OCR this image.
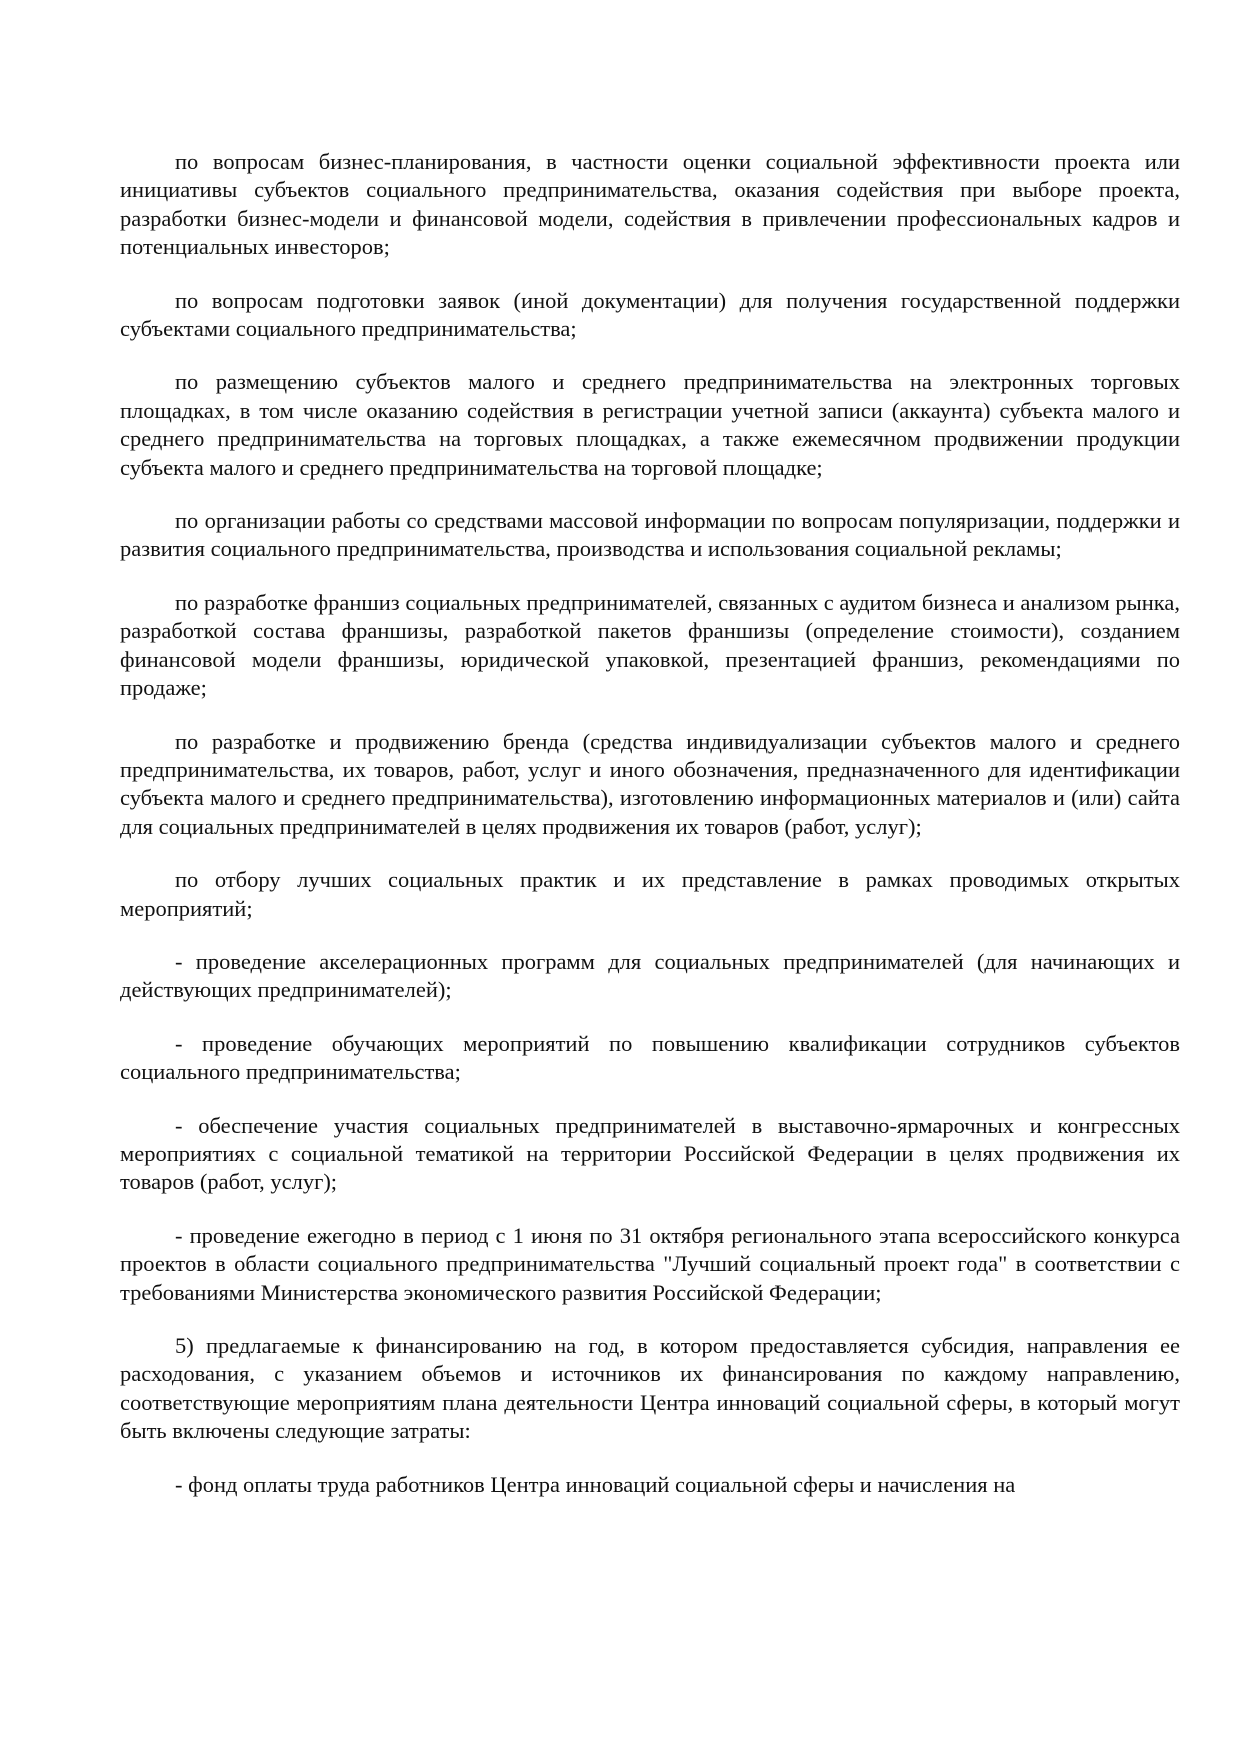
по вопросам бизнес-планирования, в частности оценки социальной эффективности проекта или инициативы субъектов социального предпринимательства, оказания содействия при выборе проекта, разработки бизнес-модели и финансовой модели, содействия в привлечении профессиональных кадров и потенциальных инвесторов;

по вопросам подготовки заявок (иной документации) для получения государственной поддержки субъектами социального предпринимательства;

по размещению субъектов малого и среднего предпринимательства на электронных торговых площадках, в том числе оказанию содействия в регистрации учетной записи (аккаунта) субъекта малого и среднего предпринимательства на торговых площадках, а также ежемесячном продвижении продукции субъекта малого и среднего предпринимательства на торговой площадке;

по организации работы со средствами массовой информации по вопросам популяризации, поддержки и развития социального предпринимательства, производства и использования социальной рекламы;

по разработке франшиз социальных предпринимателей, связанных с аудитом бизнеса и анализом рынка, разработкой состава франшизы, разработкой пакетов франшизы (определение стоимости), созданием финансовой модели франшизы, юридической упаковкой, презентацией франшиз, рекомендациями по продаже;

по разработке и продвижению бренда (средства индивидуализации субъектов малого и среднего предпринимательства, их товаров, работ, услуг и иного обозначения, предназначенного для идентификации субъекта малого и среднего предпринимательства), изготовлению информационных материалов и (или) сайта для социальных предпринимателей в целях продвижения их товаров (работ, услуг);

по отбору лучших социальных практик и их представление в рамках проводимых открытых мероприятий;

- проведение акселерационных программ для социальных предпринимателей (для начинающих и действующих предпринимателей);

- проведение обучающих мероприятий по повышению квалификации сотрудников субъектов социального предпринимательства;

- обеспечение участия социальных предпринимателей в выставочно-ярмарочных и конгрессных мероприятиях с социальной тематикой на территории Российской Федерации в целях продвижения их товаров (работ, услуг);

- проведение ежегодно в период с 1 июня по 31 октября регионального этапа всероссийского конкурса проектов в области социального предпринимательства "Лучший социальный проект года" в соответствии с требованиями Министерства экономического развития Российской Федерации;

5) предлагаемые к финансированию на год, в котором предоставляется субсидия, направления ее расходования, с указанием объемов и источников их финансирования по каждому направлению, соответствующие мероприятиям плана деятельности Центра инноваций социальной сферы, в который могут быть включены следующие затраты:

- фонд оплаты труда работников Центра инноваций социальной сферы и начисления на
